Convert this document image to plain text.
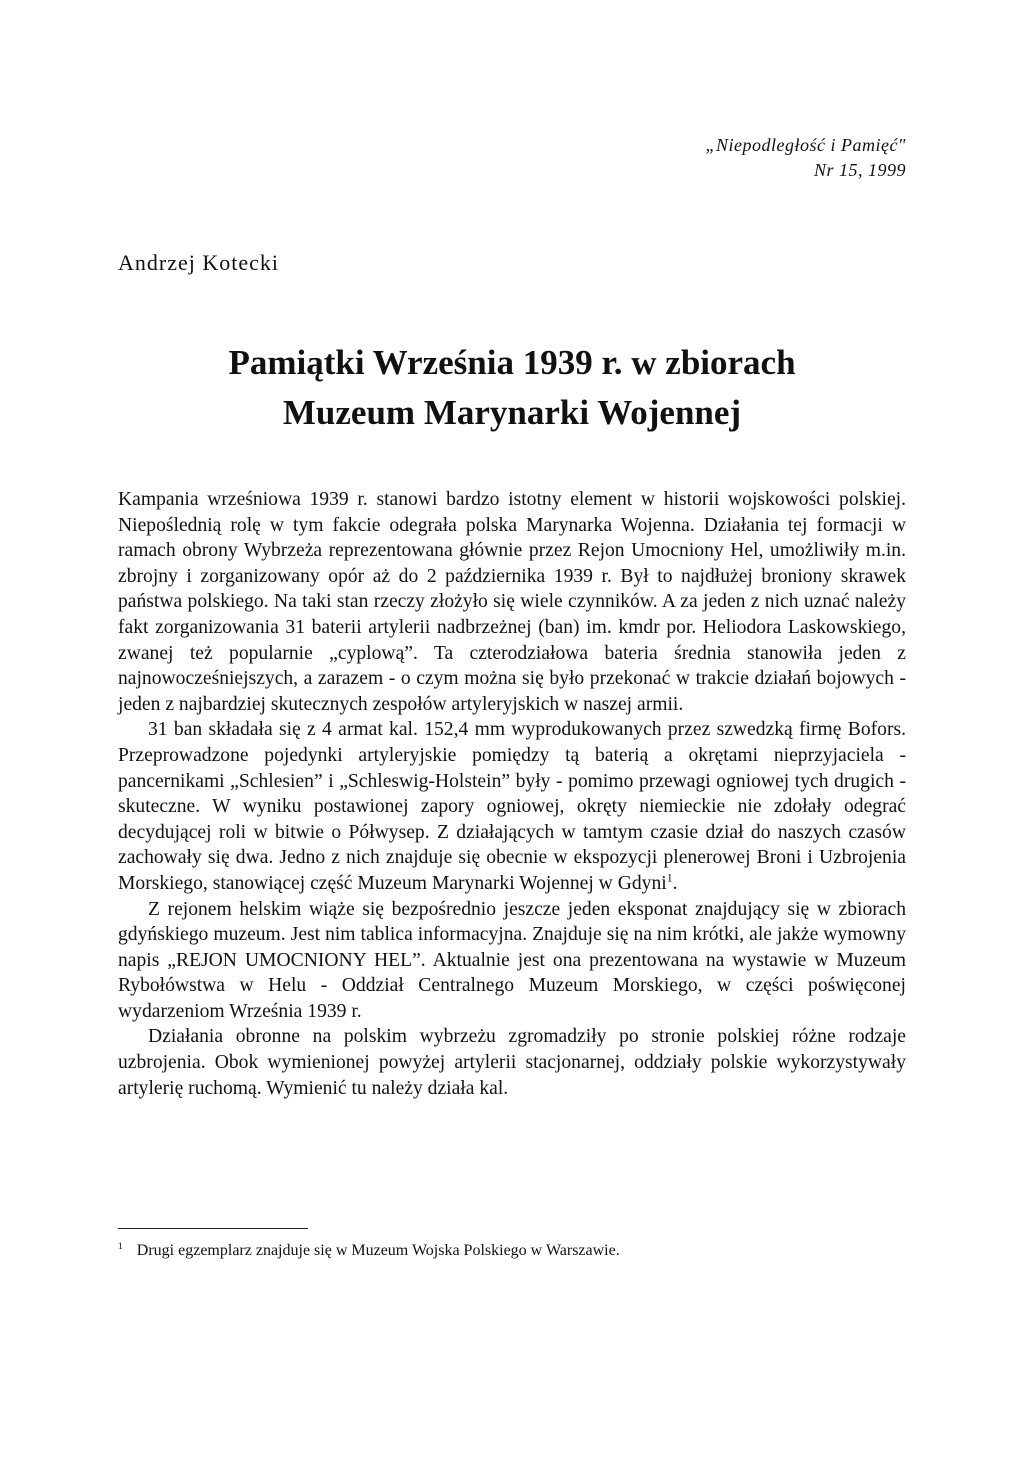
„Niepodległość i Pamięć"
Nr 15, 1999
Andrzej Kotecki
Pamiątki Września 1939 r. w zbiorach
Muzeum Marynarki Wojennej

Kampania wrześniowa 1939 r. stanowi bardzo istotny element w historii wojskowości polskiej. Niepoślednią rolę w tym fakcie odegrała polska Marynarka Wojenna. Działania tej formacji w ramach obrony Wybrzeża reprezentowana głównie przez Rejon Umocniony Hel, umożliwiły m.in. zbrojny i zorganizowany opór aż do 2 października 1939 r. Był to najdłużej broniony skrawek państwa polskiego. Na taki stan rzeczy złożyło się wiele czynników. A za jeden z nich uznać należy fakt zorganizowania 31 baterii artylerii nadbrzeżnej (ban) im. kmdr por. Heliodora Laskowskiego, zwanej też popularnie „cyplową”. Ta czterodziałowa bateria średnia stanowiła jeden z najnowocześniejszych, a zarazem - o czym można się było przekonać w trakcie działań bojowych - jeden z najbardziej skutecznych zespołów artyleryjskich w naszej armii.

31 ban składała się z 4 armat kal. 152,4 mm wyprodukowanych przez szwedzką firmę Bofors. Przeprowadzone pojedynki artyleryjskie pomiędzy tą baterią a okrętami nieprzyjaciela - pancernikami „Schlesien” i „Schleswig-Holstein” były - pomimo przewagi ogniowej tych drugich - skuteczne. W wyniku postawionej zapory ogniowej, okręty niemieckie nie zdołały odegrać decydującej roli w bitwie o Półwysep. Z działających w tamtym czasie dział do naszych czasów zachowały się dwa. Jedno z nich znajduje się obecnie w ekspozycji plenerowej Broni i Uzbrojenia Morskiego, stanowiącej część Muzeum Marynarki Wojennej w Gdyni$^1$.

Z rejonem helskim wiąże się bezpośrednio jeszcze jeden eksponat znajdujący się w zbiorach gdyńskiego muzeum. Jest nim tablica informacyjna. Znajduje się na nim krótki, ale jakże wymowny napis „REJON UMOCNIONY HEL”. Aktualnie jest ona prezentowana na wystawie w Muzeum Rybołówstwa w Helu - Oddział Centralnego Muzeum Morskiego, w części poświęconej wydarzeniom Września 1939 r.

Działania obronne na polskim wybrzeżu zgromadziły po stronie polskiej różne rodzaje uzbrojenia. Obok wymienionej powyżej artylerii stacjonarnej, oddziały polskie wykorzystywały artylerię ruchomą. Wymienić tu należy działa kal.

$^1$ Drugi egzemplarz znajduje się w Muzeum Wojska Polskiego w Warszawie.
